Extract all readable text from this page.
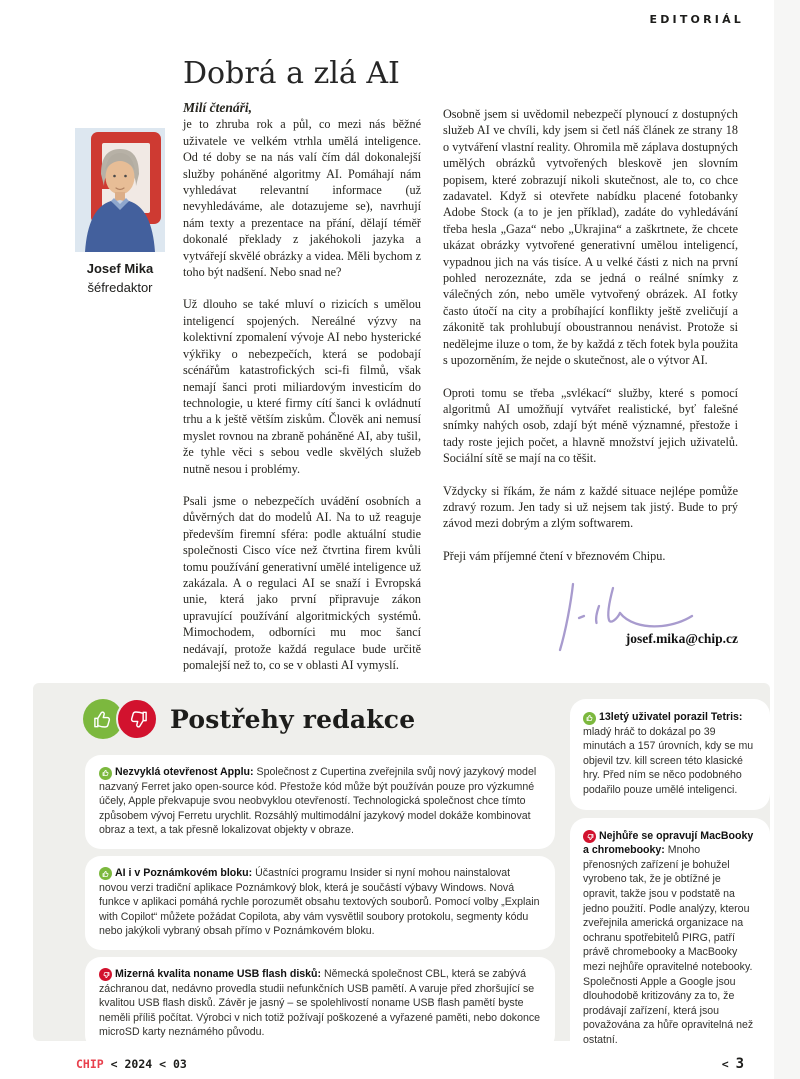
EDITORIÁL
Dobrá a zlá AI
Josef Mika
šéfredaktor

Milí čtenáři,
je to zhruba rok a půl, co mezi nás běžné uživatele ve velkém vtrhla umělá inteligence. Od té doby se na nás valí čím dál dokonalejší služby poháněné algoritmy AI. Pomáhají nám vyhledávat relevantní informace (už nevyhledáváme, ale dotazujeme se), navrhují nám texty a prezentace na přání, dělají téměř dokonalé překlady z jakéhokoli jazyka a vytvářejí skvělé obrázky a videa. Měli bychom z toho být nadšení. Nebo snad ne?

Už dlouho se také mluví o rizicích s umělou inteligencí spojených. Nereálné výzvy na kolektivní zpomalení vývoje AI nebo hysterické výkřiky o nebezpečích, která se podobají scénářům katastrofických sci-fi filmů, však nemají šanci proti miliardovým investicím do technologie, u které firmy cítí šanci k ovládnutí trhu a k ještě větším ziskům. Člověk ani nemusí myslet rovnou na zbraně poháněné AI, aby tušil, že tyhle věci s sebou vedle skvělých služeb nutně nesou i problémy.

Psali jsme o nebezpečích uvádění osobních a důvěrných dat do modelů AI. Na to už reaguje především firemní sféra: podle aktuální studie společnosti Cisco více než čtvrtina firem kvůli tomu používání generativní umělé inteligence už zakázala. A o regulaci AI se snaží i Evropská unie, která jako první připravuje zákon upravující používání algoritmických systémů. Mimochodem, odborníci mu moc šancí nedávají, protože každá regulace bude určitě pomalejší než to, co se v oblasti AI vymyslí.

Osobně jsem si uvědomil nebezpečí plynoucí z dostupných služeb AI ve chvíli, kdy jsem si četl náš článek ze strany 18 o vytváření vlastní reality. Ohromila mě záplava dostupných umělých obrázků vytvořených bleskově jen slovním popisem, které zobrazují nikoli skutečnost, ale to, co chce zadavatel. Když si otevřete nabídku placené fotobanky Adobe Stock (a to je jen příklad), zadáte do vyhledávání třeba hesla „Gaza“ nebo „Ukrajina“ a zaškrtnete, že chcete ukázat obrázky vytvořené generativní umělou inteligencí, vypadnou jich na vás tisíce. A u velké části z nich na první pohled nerozeznáte, zda se jedná o reálné snímky z válečných zón, nebo uměle vytvořený obrázek. AI fotky často útočí na city a probíhající konflikty ještě zveličují a zákonitě tak prohlubují oboustrannou nenávist. Protože si nedělejme iluze o tom, že by každá z těch fotek byla použita s upozorněním, že nejde o skutečnost, ale o výtvor AI.

Oproti tomu se třeba „svlékací“ služby, které s pomocí algoritmů AI umožňují vytvářet realistické, byť falešné snímky nahých osob, zdají být méně významné, přestože i tady roste jejich počet, a hlavně množství jejich uživatelů. Sociální sítě se mají na co těšit.

Vždycky si říkám, že nám z každé situace nejlépe pomůže zdravý rozum. Jen tady si už nejsem tak jistý. Bude to prý závod mezi dobrým a zlým softwarem.

Přeji vám příjemné čtení v březnovém Chipu.

josef.mika@chip.cz
Postřehy redakce
Nezvyklá otevřenost Applu: Společnost z Cupertina zveřejnila svůj nový jazykový model nazvaný Ferret jako open-source kód. Přestože kód může být používán pouze pro výzkumné účely, Apple překvapuje svou neobvyklou otevřeností. Technologická společnost chce tímto způsobem vývoj Ferretu urychlit. Rozsáhlý multimodální jazykový model dokáže kombinovat obraz a text, a tak přesně lokalizovat objekty v obraze.
AI i v Poznámkovém bloku: Účastníci programu Insider si nyní mohou nainstalovat novou verzi tradiční aplikace Poznámkový blok, která je součástí výbavy Windows. Nová funkce v aplikaci pomáhá rychle porozumět obsahu textových souborů. Pomocí volby „Explain with Copilot“ můžete požádat Copilota, aby vám vysvětlil soubory protokolu, segmenty kódu nebo jakýkoli vybraný obsah přímo v Poznámkovém bloku.
Mizerná kvalita noname USB flash disků: Německá společnost CBL, která se zabývá záchranou dat, nedávno provedla studii nefunkčních USB pamětí. A varuje před zhoršující se kvalitou USB flash disků. Závěr je jasný – se spolehlivostí noname USB flash pamětí byste neměli příliš počítat. Výrobci v nich totiž požívají poškozené a vyřazené paměti, nebo dokonce microSD karty neznámého původu.
13letý uživatel porazil Tetris: mladý hráč to dokázal po 39 minutách a 157 úrovních, kdy se mu objevil tzv. kill screen této klasické hry. Před ním se něco podobného podařilo pouze umělé inteligenci.
Nejhůře se opravují MacBooky a chromebooky: Mnoho přenosných zařízení je bohužel vyrobeno tak, že je obtížné je opravit, takže jsou v podstatě na jedno použití. Podle analýzy, kterou zveřejnila americká organizace na ochranu spotřebitelů PIRG, patří právě chromebooky a MacBooky mezi nejhůře opravitelné notebooky. Společnosti Apple a Google jsou dlouhodobě kritizovány za to, že prodávají zařízení, která jsou považována za hůře opravitelná než ostatní.
CHIP < 2024 < 03	< 3
